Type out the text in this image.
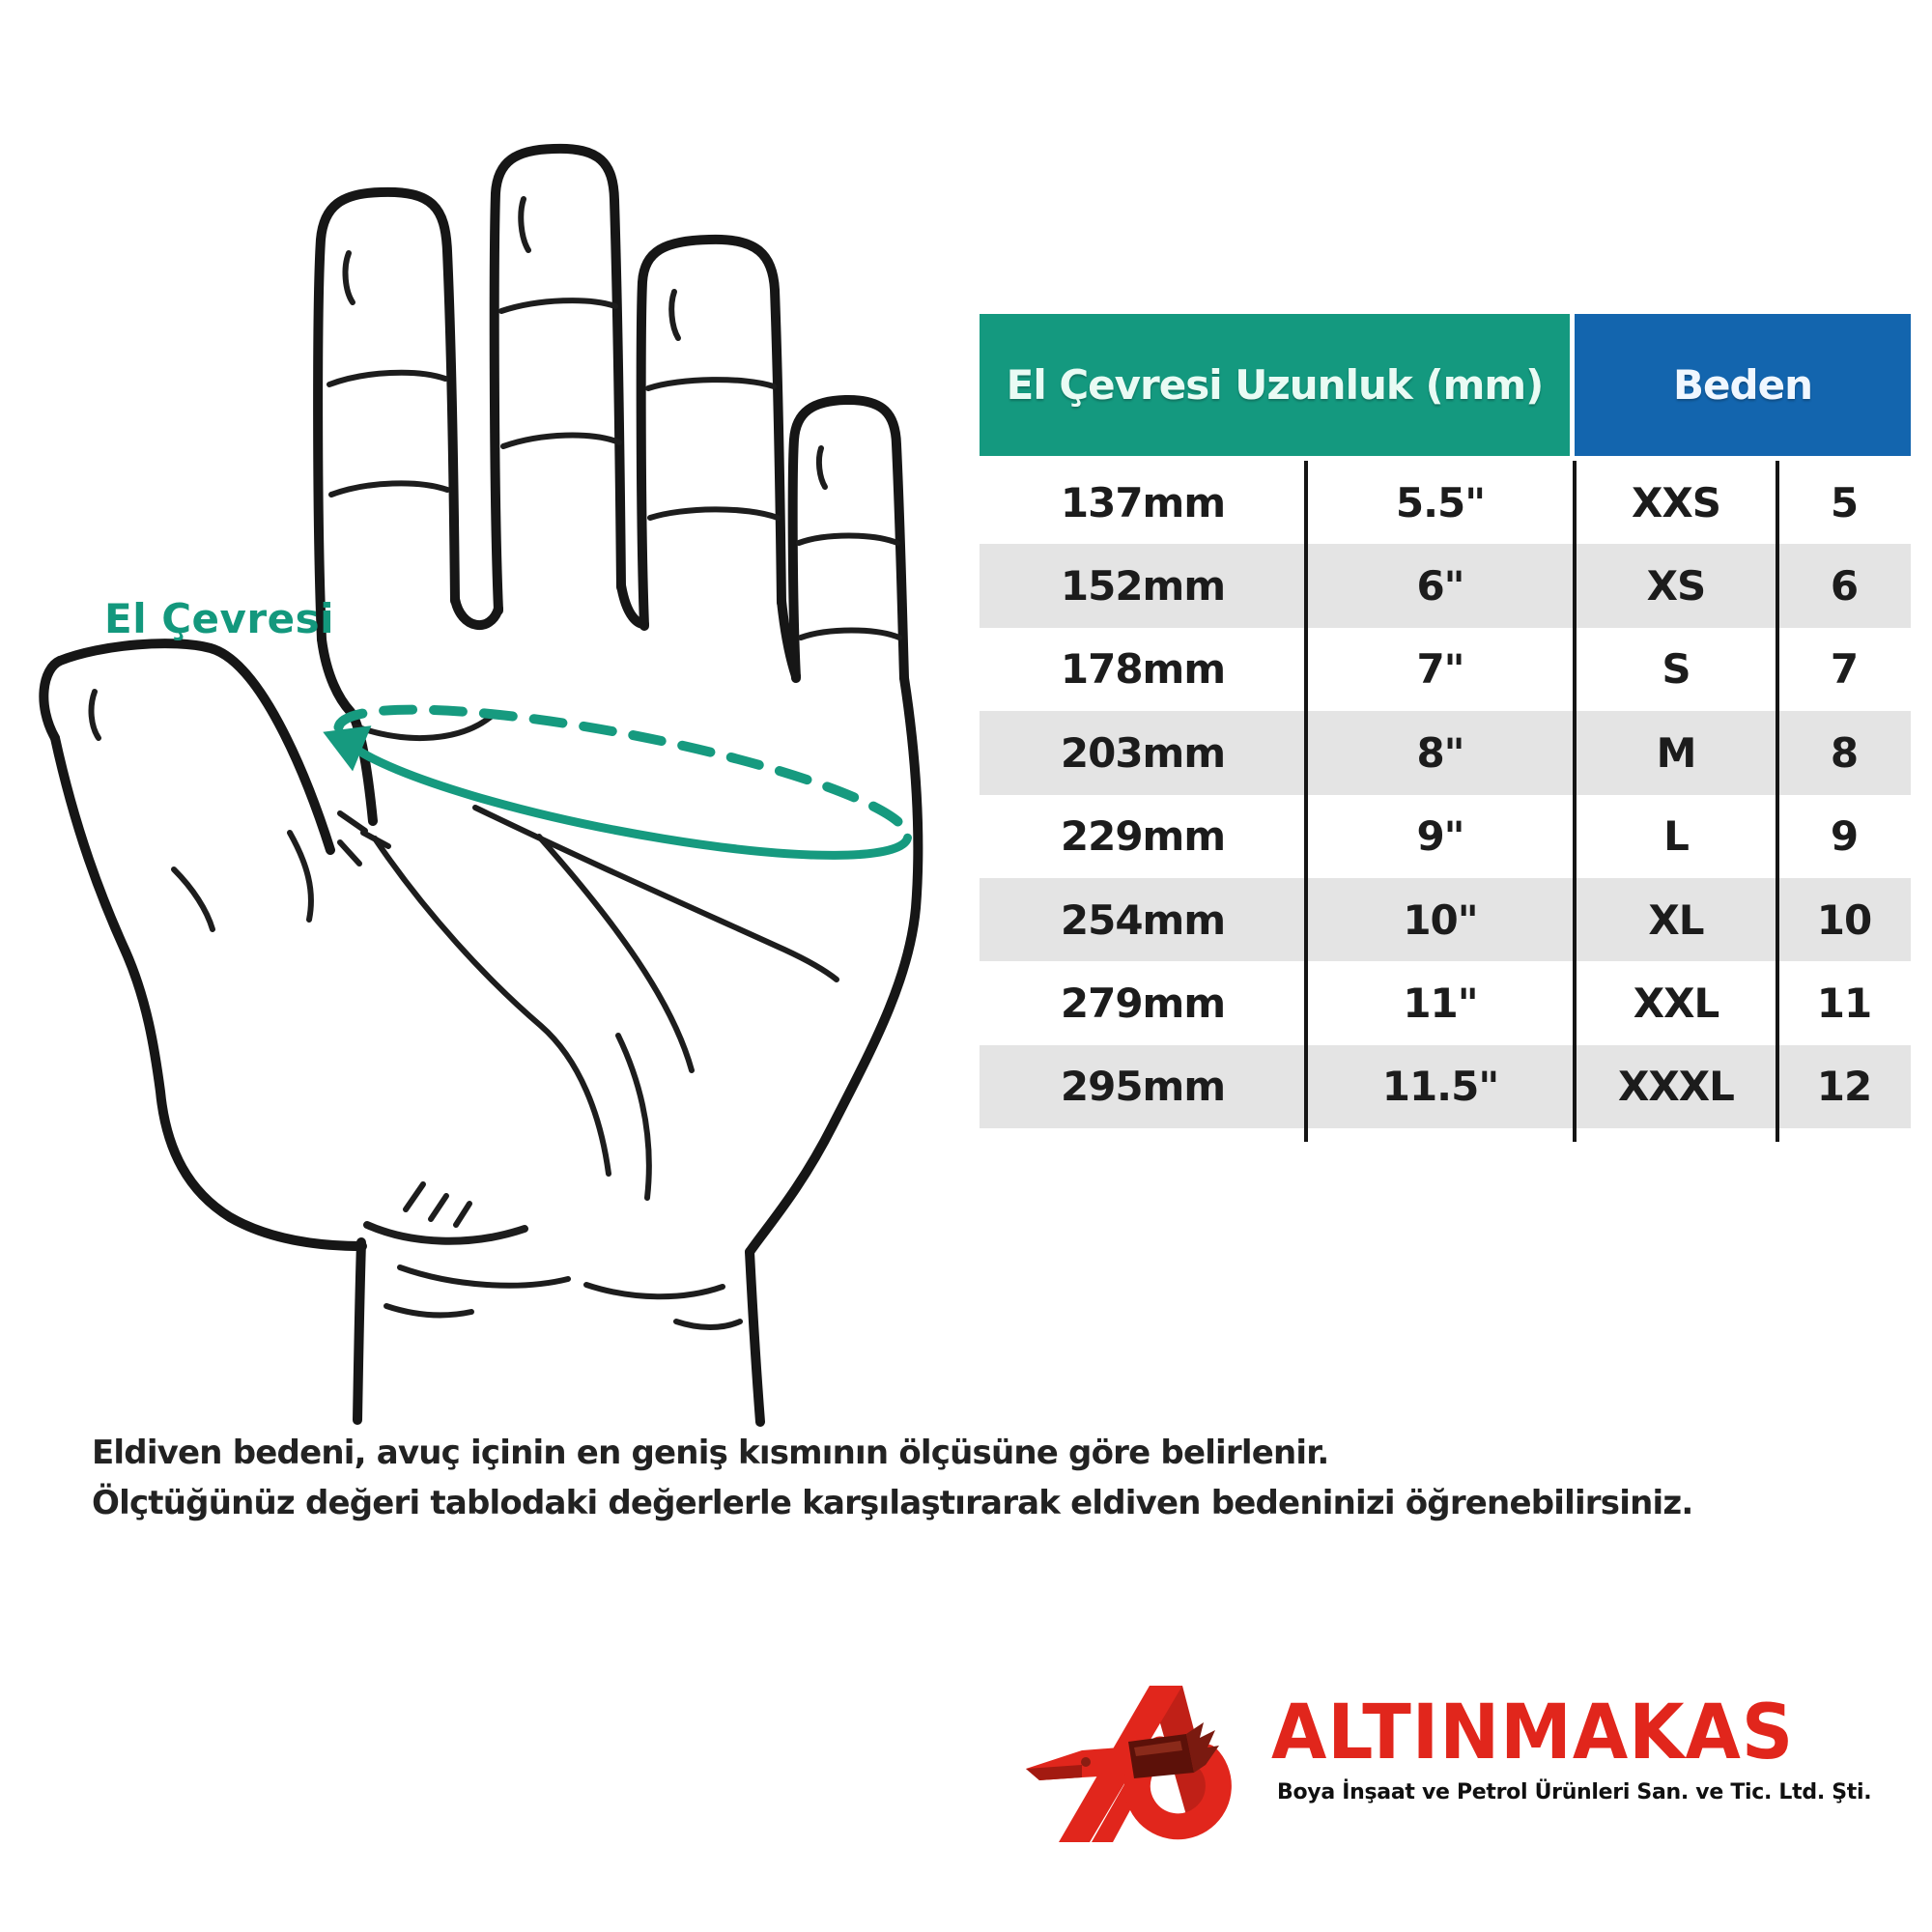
El Çevresi
El Çevresi Uzunluk (mm)	Beden
137mm	5.5"	XXS	5
152mm	6"	XS	6
178mm	7"	S	7
203mm	8"	M	8
229mm	9"	L	9
254mm	10"	XL	10
279mm	11"	XXL	11
295mm	11.5"	XXXL	12
Eldiven bedeni, avuç içinin en geniş kısmının ölçüsüne göre belirlenir.
Ölçtüğünüz değeri tablodaki değerlerle karşılaştırarak eldiven bedeninizi öğrenebilirsiniz.
ALTINMAKAS
Boya İnşaat ve Petrol Ürünleri San. ve Tic. Ltd. Şti.
